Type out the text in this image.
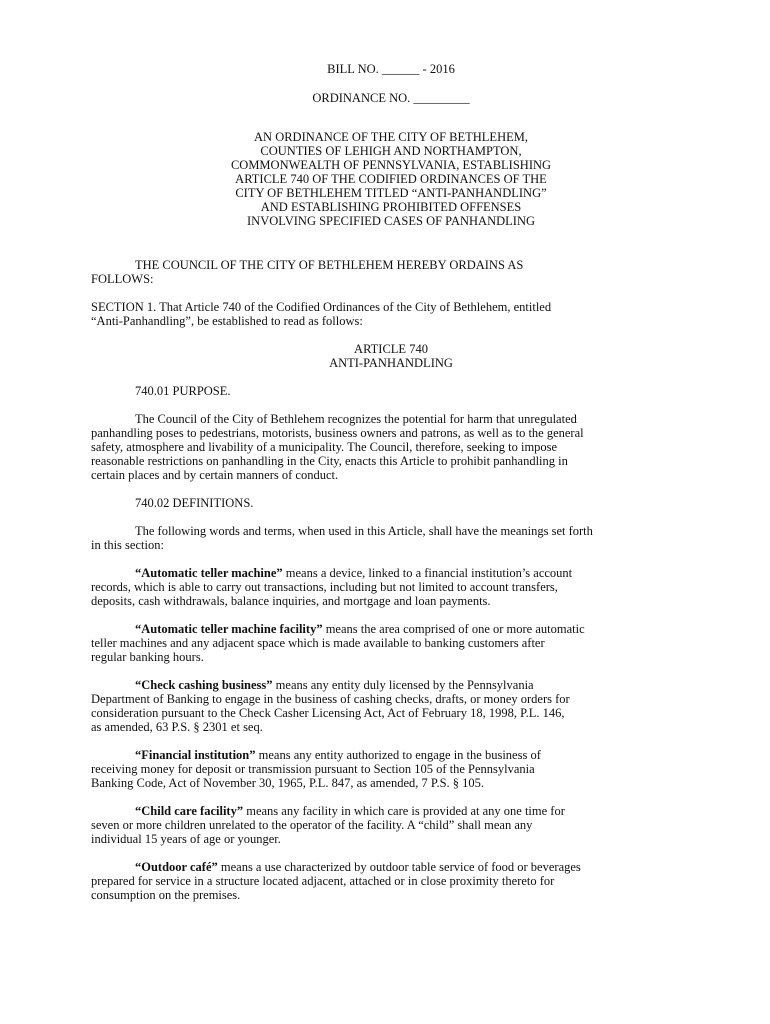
BILL NO. ______ - 2016
ORDINANCE NO. _________
AN ORDINANCE OF THE CITY OF BETHLEHEM,
COUNTIES OF LEHIGH AND NORTHAMPTON,
COMMONWEALTH OF PENNSYLVANIA, ESTABLISHING
ARTICLE 740 OF THE CODIFIED ORDINANCES OF THE
CITY OF BETHLEHEM TITLED “ANTI-PANHANDLING”
AND ESTABLISHING PROHIBITED OFFENSES
INVOLVING SPECIFIED CASES OF PANHANDLING
THE COUNCIL OF THE CITY OF BETHLEHEM HEREBY ORDAINS AS
FOLLOWS:
SECTION 1. That Article 740 of the Codified Ordinances of the City of Bethlehem, entitled
“Anti-Panhandling”, be established to read as follows:
ARTICLE 740
ANTI-PANHANDLING
740.01 PURPOSE.
The Council of the City of Bethlehem recognizes the potential for harm that unregulated
panhandling poses to pedestrians, motorists, business owners and patrons, as well as to the general
safety, atmosphere and livability of a municipality. The Council, therefore, seeking to impose
reasonable restrictions on panhandling in the City, enacts this Article to prohibit panhandling in
certain places and by certain manners of conduct.
740.02 DEFINITIONS.
The following words and terms, when used in this Article, shall have the meanings set forth
in this section:
“Automatic teller machine” means a device, linked to a financial institution’s account
records, which is able to carry out transactions, including but not limited to account transfers,
deposits, cash withdrawals, balance inquiries, and mortgage and loan payments.
“Automatic teller machine facility” means the area comprised of one or more automatic
teller machines and any adjacent space which is made available to banking customers after
regular banking hours.
“Check cashing business” means any entity duly licensed by the Pennsylvania
Department of Banking to engage in the business of cashing checks, drafts, or money orders for
consideration pursuant to the Check Casher Licensing Act, Act of February 18, 1998, P.L. 146,
as amended, 63 P.S. § 2301 et seq.
“Financial institution” means any entity authorized to engage in the business of
receiving money for deposit or transmission pursuant to Section 105 of the Pennsylvania
Banking Code, Act of November 30, 1965, P.L. 847, as amended, 7 P.S. § 105.
“Child care facility” means any facility in which care is provided at any one time for
seven or more children unrelated to the operator of the facility. A “child” shall mean any
individual 15 years of age or younger.
“Outdoor café” means a use characterized by outdoor table service of food or beverages
prepared for service in a structure located adjacent, attached or in close proximity thereto for
consumption on the premises.
